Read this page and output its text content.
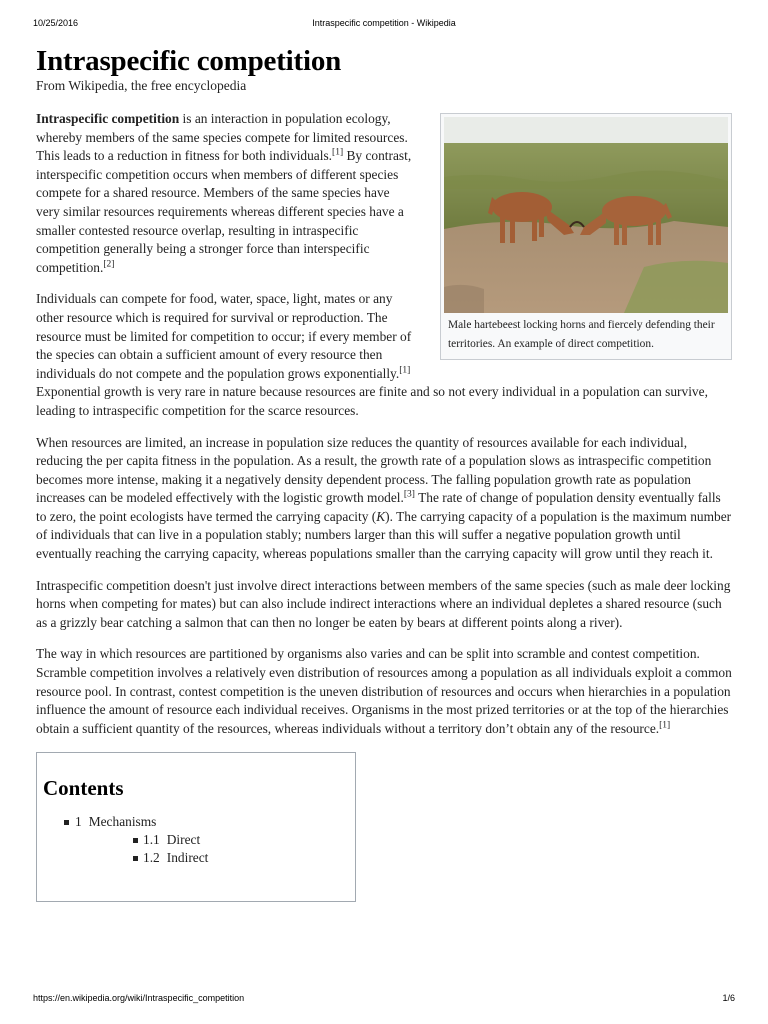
10/25/2016	Intraspecific competition - Wikipedia
Intraspecific competition
From Wikipedia, the free encyclopedia
Male hartebeest locking horns and fiercely defending their territories. An example of direct competition.

Intraspecific competition is an interaction in population ecology, whereby members of the same species compete for limited resources. This leads to a reduction in fitness for both individuals.[1] By contrast, interspecific competition occurs when members of different species compete for a shared resource. Members of the same species have very similar resources requirements whereas different species have a smaller contested resource overlap, resulting in intraspecific competition generally being a stronger force than interspecific competition.[2]

Individuals can compete for food, water, space, light, mates or any other resource which is required for survival or reproduction. The resource must be limited for competition to occur; if every member of the species can obtain a sufficient amount of every resource then individuals do not compete and the population grows exponentially.[1] Exponential growth is very rare in nature because resources are finite and so not every individual in a population can survive, leading to intraspecific competition for the scarce resources.

When resources are limited, an increase in population size reduces the quantity of resources available for each individual, reducing the per capita fitness in the population. As a result, the growth rate of a population slows as intraspecific competition becomes more intense, making it a negatively density dependent process. The falling population growth rate as population increases can be modeled effectively with the logistic growth model.[3] The rate of change of population density eventually falls to zero, the point ecologists have termed the carrying capacity (K). The carrying capacity of a population is the maximum number of individuals that can live in a population stably; numbers larger than this will suffer a negative population growth until eventually reaching the carrying capacity, whereas populations smaller than the carrying capacity will grow until they reach it.

Intraspecific competition doesn't just involve direct interactions between members of the same species (such as male deer locking horns when competing for mates) but can also include indirect interactions where an individual depletes a shared resource (such as a grizzly bear catching a salmon that can then no longer be eaten by bears at different points along a river).

The way in which resources are partitioned by organisms also varies and can be split into scramble and contest competition. Scramble competition involves a relatively even distribution of resources among a population as all individuals exploit a common resource pool. In contrast, contest competition is the uneven distribution of resources and occurs when hierarchies in a population influence the amount of resource each individual receives. Organisms in the most prized territories or at the top of the hierarchies obtain a sufficient quantity of the resources, whereas individuals without a territory don’t obtain any of the resource.[1]

Contents
1 Mechanisms
1.1 Direct
1.2 Indirect
https://en.wikipedia.org/wiki/Intraspecific_competition	1/6
